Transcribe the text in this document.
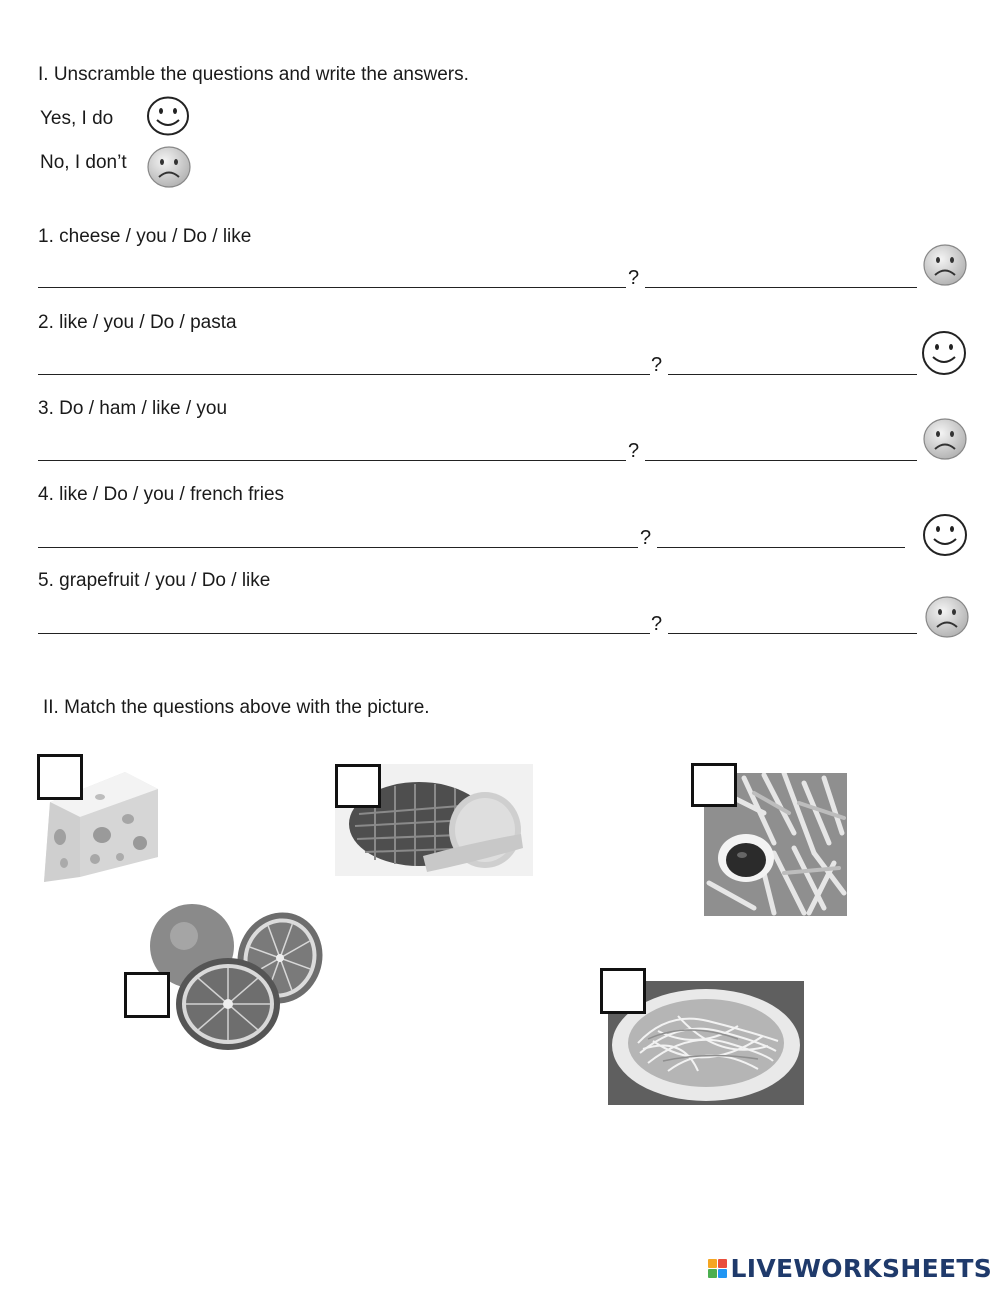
I. Unscramble the questions and write the answers.
Yes, I do
No, I don’t
1. cheese / you / Do / like
?
2. like / you / Do / pasta
?
3. Do / ham / like / you
?
4. like / Do / you / french fries
?
5. grapefruit / you / Do / like
?
II. Match the questions above with the picture.
LIVEWORKSHEETS
